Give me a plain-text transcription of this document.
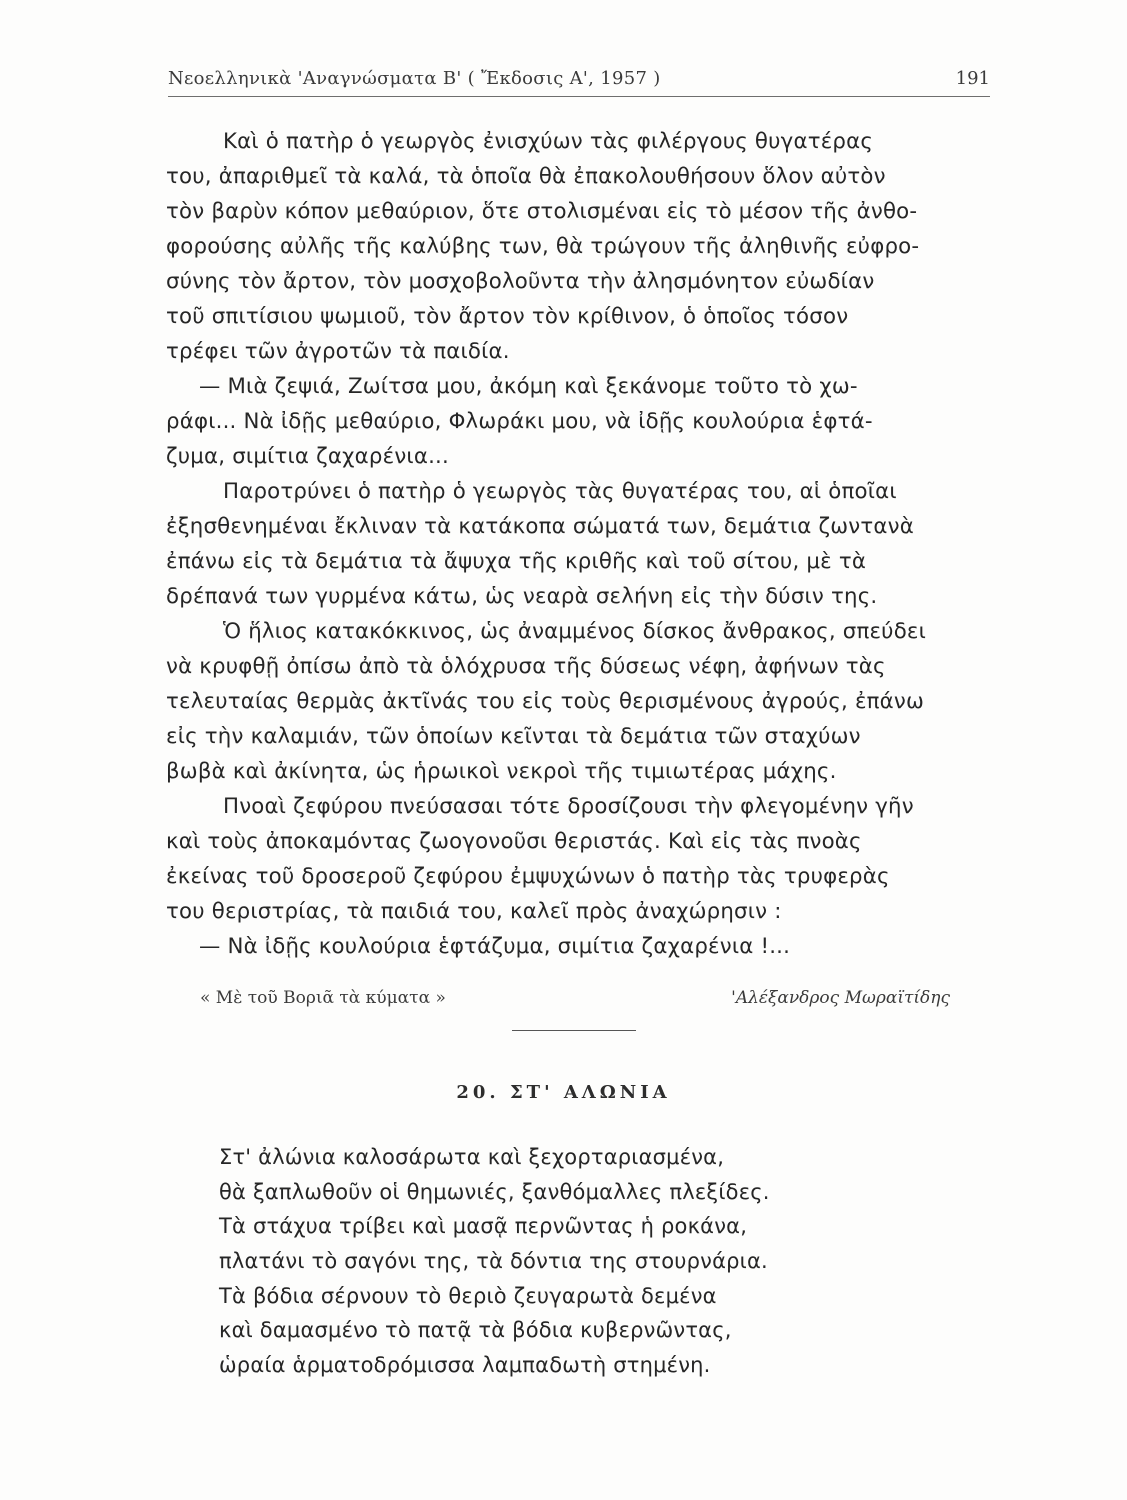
Νεοελληνικὰ 'Αναγνώσματα Β' ( Ἔκδοσις Α', 1957 )	191
Καὶ ὁ πατὴρ ὁ γεωργὸς ἐνισχύων τὰς φιλέργους θυγατέρας
του, ἀπαριθμεῖ τὰ καλά, τὰ ὁποῖα θὰ ἐπακολουθήσουν ὅλον αὐτὸν
τὸν βαρὺν κόπον μεθαύριον, ὅτε στολισμέναι εἰς τὸ μέσον τῆς ἀνθο-
φορούσης αὐλῆς τῆς καλύβης των, θὰ τρώγουν τῆς ἀληθινῆς εὐφρο-
σύνης τὸν ἄρτον, τὸν μοσχοβολοῦντα τὴν ἀλησμόνητον εὐωδίαν
τοῦ σπιτίσιου ψωμιοῦ, τὸν ἄρτον τὸν κρίθινον, ὁ ὁποῖος τόσον
τρέφει τῶν ἀγροτῶν τὰ παιδία.
— Μιὰ ζεψιά, Ζωίτσα μου, ἀκόμη καὶ ξεκάνομε τοῦτο τὸ χω-
ράφι... Νὰ ἰδῇς μεθαύριο, Φλωράκι μου, νὰ ἰδῇς κουλούρια ἑφτά-
ζυμα, σιμίτια ζαχαρένια...
Παροτρύνει ὁ πατὴρ ὁ γεωργὸς τὰς θυγατέρας του, αἱ ὁποῖαι
ἐξησθενημέναι ἔκλιναν τὰ κατάκοπα σώματά των, δεμάτια ζωντανὰ
ἐπάνω εἰς τὰ δεμάτια τὰ ἄψυχα τῆς κριθῆς καὶ τοῦ σίτου, μὲ τὰ
δρέπανά των γυρμένα κάτω, ὡς νεαρὰ σελήνη εἰς τὴν δύσιν της.
Ὁ ἥλιος κατακόκκινος, ὡς ἀναμμένος δίσκος ἄνθρακος, σπεύδει
νὰ κρυφθῇ ὀπίσω ἀπὸ τὰ ὁλόχρυσα τῆς δύσεως νέφη, ἀφήνων τὰς
τελευταίας θερμὰς ἀκτῖνάς του εἰς τοὺς θερισμένους ἀγρούς, ἐπάνω
εἰς τὴν καλαμιάν, τῶν ὁποίων κεῖνται τὰ δεμάτια τῶν σταχύων
βωβὰ καὶ ἀκίνητα, ὡς ἡρωικοὶ νεκροὶ τῆς τιμιωτέρας μάχης.
Πνοαὶ ζεφύρου πνεύσασαι τότε δροσίζουσι τὴν φλεγομένην γῆν
καὶ τοὺς ἀποκαμόντας ζωογονοῦσι θεριστάς. Καὶ εἰς τὰς πνοὰς
ἐκείνας τοῦ δροσεροῦ ζεφύρου ἐμψυχώνων ὁ πατὴρ τὰς τρυφερὰς
του θεριστρίας, τὰ παιδιά του, καλεῖ πρὸς ἀναχώρησιν :
— Νὰ ἰδῇς κουλούρια ἑφτάζυμα, σιμίτια ζαχαρένια !...
« Μὲ τοῦ Βοριᾶ τὰ κύματα »	'Αλέξανδρος Μωραϊτίδης
20. ΣΤ' ΑΛΩΝΙΑ
Στ' ἀλώνια καλοσάρωτα καὶ ξεχορταριασμένα,
θὰ ξαπλωθοῦν οἱ θημωνιές, ξανθόμαλλες πλεξίδες.
Τὰ στάχυα τρίβει καὶ μασᾷ περνῶντας ἡ ροκάνα,
πλατάνι τὸ σαγόνι της, τὰ δόντια της στουρνάρια.
Τὰ βόδια σέρνουν τὸ θεριὸ ζευγαρωτὰ δεμένα
καὶ δαμασμένο τὸ πατᾷ τὰ βόδια κυβερνῶντας,
ὡραία ἁρματοδρόμισσα λαμπαδωτὴ στημένη.
